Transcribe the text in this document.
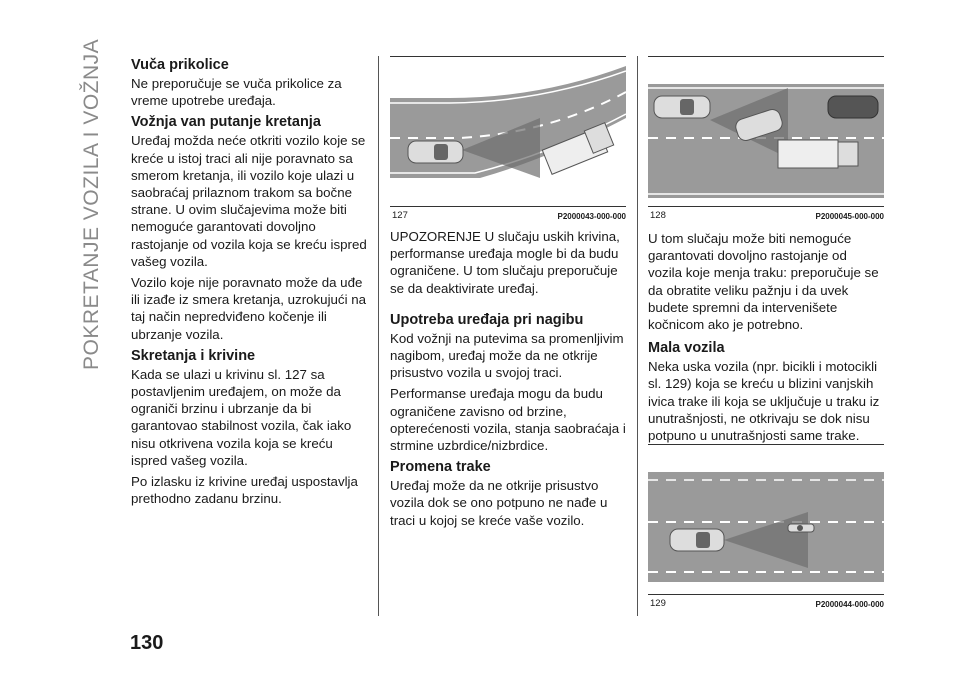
POKRETANJE VOZILA I VOŽNJA Vuča prikolice

Ne preporučuje se vuča prikolice za vreme upotrebe uređaja.

Vožnja van putanje kretanja

Uređaj možda neće otkriti vozilo koje se kreće u istoj traci ali nije poravnato sa smerom kretanja, ili vozilo koje ulazi u saobraćaj prilaznom trakom sa bočne strane. U ovim slučajevima može biti nemoguće garantovati dovoljno rastojanje od vozila koja se kreću ispred vašeg vozila.

Vozilo koje nije poravnato može da uđe ili izađe iz smera kretanja, uzrokujući na taj način nepredviđeno kočenje ili ubrzanje vozila.

Skretanja i krivine

Kada se ulazi u krivinu sl. 127 sa postavljenim uređajem, on može da ograniči brzinu i ubrzanje da bi garantovao stabilnost vozila, čak iako nisu otkrivena vozila koja se kreću ispred vašeg vozila.

Po izlasku iz krivine uređaj uspostavlja prethodno zadanu brzinu.

127	P2000043-000-000

UPOZORENJE U slučaju uskih krivina, performanse uređaja mogle bi da budu ograničene. U tom slučaju preporučuje se da deaktivirate uređaj.

Upotreba uređaja pri nagibu

Kod vožnji na putevima sa promenljivim nagibom, uređaj može da ne otkrije prisustvo vozila u svojoj traci.

Performanse uređaja mogu da budu ograničene zavisno od brzine, opterećenosti vozila, stanja saobraćaja i strmine uzbrdice/nizbrdice.

Promena trake

Uređaj može da ne otkrije prisustvo vozila dok se ono potpuno ne nađe u traci u kojoj se kreće vaše vozilo.

128	P2000045-000-000

U tom slučaju može biti nemoguće garantovati dovoljno rastojanje od vozila koje menja traku: preporučuje se da obratite veliku pažnju i da uvek budete spremni da intervenišete kočnicom ako je potrebno.

Mala vozila

Neka uska vozila (npr. bicikli i motocikli sl. 129) koja se kreću u blizini vanjskih ivica trake ili koja se uključuje u traku iz unutrašnjosti, ne otkrivaju se dok nisu potpuno u unutrašnjosti same trake.

129	P2000044-000-000
130
